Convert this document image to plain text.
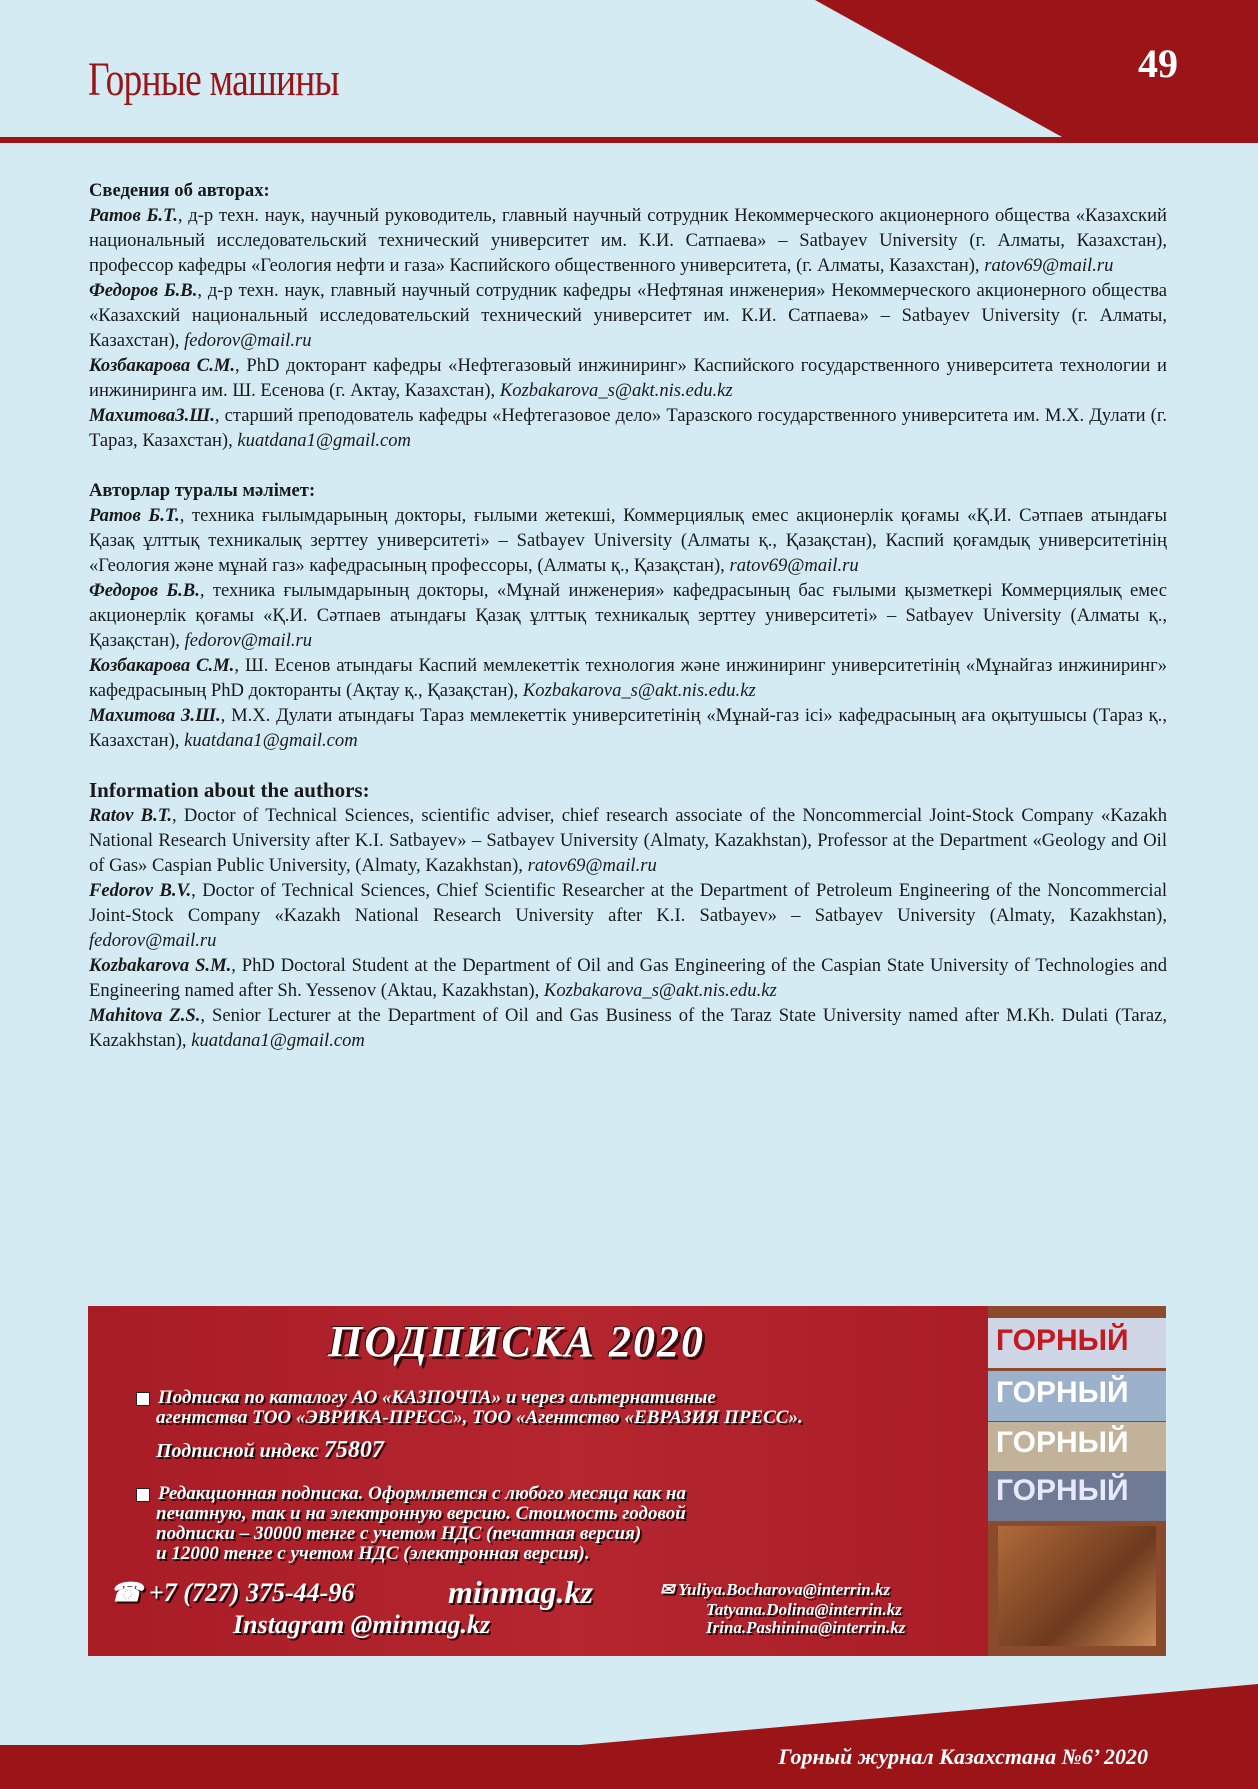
Горные машины	49
Сведения об авторах:

Ратов Б.Т., д-р техн. наук, научный руководитель, главный научный сотрудник Некоммерческого акционерного общества «Казахский национальный исследовательский технический университет им. К.И. Сатпаева» – Satbayev University (г. Алматы, Казахстан), профессор кафедры «Геология нефти и газа» Каспийского общественного университета, (г. Алматы, Казахстан), ratov69@mail.ru

Федоров Б.В., д-р техн. наук, главный научный сотрудник кафедры «Нефтяная инженерия» Некоммерческого акционерного общества «Казахский национальный исследовательский технический университет им. К.И. Сатпаева» – Satbayev University (г. Алматы, Казахстан), fedorov@mail.ru

Козбакарова С.М., PhD докторант кафедры «Нефтегазовый инжиниринг» Каспийского государственного университета технологии и инжиниринга им. Ш. Есенова (г. Актау, Казахстан), Kozbakarova_s@akt.nis.edu.kz

МахитоваЗ.Ш., старший преподователь кафедры «Нефтегазовое дело» Таразского государственного университета им. М.Х. Дулати (г. Тараз, Казахстан), kuatdana1@gmail.com

Авторлар туралы мәлімет:

Ратов Б.Т., техника ғылымдарының докторы, ғылыми жетекші, Коммерциялық емес акционерлік қоғамы «Қ.И. Сәтпаев атындағы Қазақ ұлттық техникалық зерттеу университеті» – Satbayev University (Алматы қ., Қазақстан), Каспий қоғамдық университетінің «Геология және мұнай газ» кафедрасының профессоры, (Алматы қ., Қазақстан), ratov69@mail.ru

Федоров Б.В., техника ғылымдарының докторы, «Мұнай инженерия» кафедрасының бас ғылыми қызметкері Коммерциялық емес акционерлік қоғамы «Қ.И. Сәтпаев атындағы Қазақ ұлттық техникалық зерттеу университеті» – Satbayev University (Алматы қ., Қазақстан), fedorov@mail.ru

Козбакарова С.М., Ш. Есенов атындағы Каспий мемлекеттік технология және инжиниринг университетінің «Мұнайгаз инжиниринг» кафедрасының PhD докторанты (Ақтау қ., Қазақстан), Kozbakarova_s@akt.nis.edu.kz

Махитова З.Ш., М.Х. Дулати атындағы Тараз мемлекеттік университетінің «Мұнай-газ ісі» кафедрасының аға оқытушысы (Тараз қ., Казахстан), kuatdana1@gmail.com

Information about the authors:

Ratov B.T., Doctor of Technical Sciences, scientific adviser, chief research associate of the Noncommercial Joint-Stock Company «Kazakh National Research University after K.I. Satbayev» – Satbayev University (Almaty, Kazakhstan), Professor at the Department «Geology and Oil of Gas» Caspian Public University, (Almaty, Kazakhstan), ratov69@mail.ru

Fedorov B.V., Doctor of Technical Sciences, Chief Scientific Researcher at the Department of Petroleum Engineering of the Noncommercial Joint-Stock Company «Kazakh National Research University after K.I. Satbayev» – Satbayev University (Almaty, Kazakhstan), fedorov@mail.ru

Kozbakarova S.M., PhD Doctoral Student at the Department of Oil and Gas Engineering of the Caspian State University of Technologies and Engineering named after Sh. Yessenov (Aktau, Kazakhstan), Kozbakarova_s@akt.nis.edu.kz

Mahitova Z.S., Senior Lecturer at the Department of Oil and Gas Business of the Taraz State University named after M.Kh. Dulati (Taraz, Kazakhstan), kuatdana1@gmail.com

ПОДПИСКА 2020
Подписка по каталогу АО «КАЗПОЧТА» и через альтернативные
агентства ТОО «ЭВРИКА-ПРЕСС», ТОО «Агентство «ЕВРАЗИЯ ПРЕСС».
Подписной индекс 75807
Редакционная подписка. Оформляется с любого месяца как на
печатную, так и на электронную версию. Стоимость годовой
подписки – 30000 тенге с учетом НДС (печатная версия)
и 12000 тенге с учетом НДС (электронная версия).
☎ +7 (727) 375-44-96	minmag.kz
Instagram @minmag.kz
✉ Yuliya.Bocharova@interrin.kz
Tatyana.Dolina@interrin.kz
Irina.Pashinina@interrin.kz
ГОРНЫЙ
ГОРНЫЙ
ГОРНЫЙ
ГОРНЫЙ
Горный журнал Казахстана №6’ 2020
